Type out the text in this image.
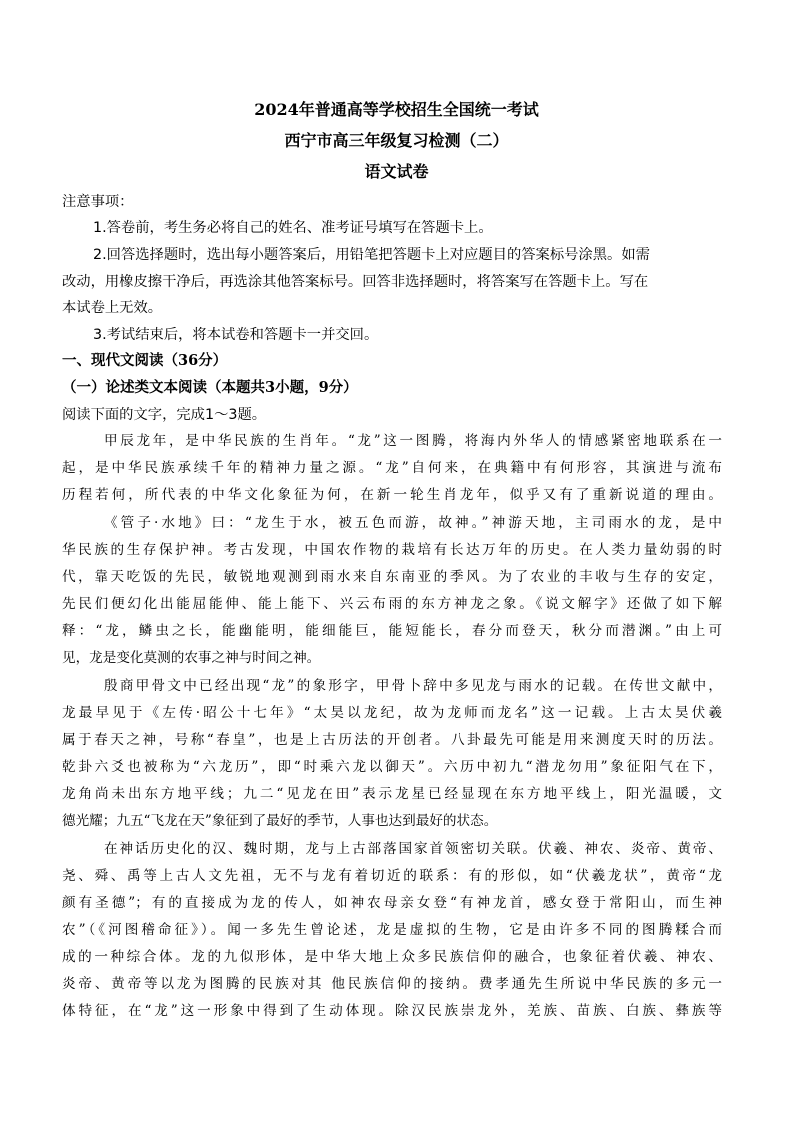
2024年普通高等学校招生全国统一考试
西宁市高三年级复习检测（二）
语文试卷
注意事项：
1.答卷前，考生务必将自己的姓名、准考证号填写在答题卡上。
2.回答选择题时，选出每小题答案后，用铅笔把答题卡上对应题目的答案标号涂黑。如需
改动，用橡皮擦干净后，再选涂其他答案标号。回答非选择题时，将答案写在答题卡上。写在
本试卷上无效。
3.考试结束后，将本试卷和答题卡一并交回。
一、现代文阅读（36分）
（一）论述类文本阅读（本题共3小题，9分）
阅读下面的文字，完成1～3题。
甲辰龙年，是中华民族的生肖年。“龙”这一图腾，将海内外华人的情感紧密地联系在一
起，是中华民族承续千年的精神力量之源。“龙”自何来，在典籍中有何形容，其演进与流布
历程若何，所代表的中华文化象征为何，在新一轮生肖龙年，似乎又有了重新说道的理由。
《管子·水地》曰：“龙生于水，被五色而游，故神。”神游天地，主司雨水的龙，是中
华民族的生存保护神。考古发现，中国农作物的栽培有长达万年的历史。在人类力量幼弱的时
代，靠天吃饭的先民，敏锐地观测到雨水来自东南亚的季风。为了农业的丰收与生存的安定，
先民们便幻化出能屈能伸、能上能下、兴云布雨的东方神龙之象。《说文解字》还做了如下解
释：“龙，鳞虫之长，能幽能明，能细能巨，能短能长，春分而登天，秋分而潜渊。”由上可
见，龙是变化莫测的农事之神与时间之神。
殷商甲骨文中已经出现“龙”的象形字，甲骨卜辞中多见龙与雨水的记载。在传世文献中，
龙最早见于《左传·昭公十七年》“太昊以龙纪，故为龙师而龙名”这一记载。上古太昊伏羲
属于春天之神，号称“春皇”，也是上古历法的开创者。八卦最先可能是用来测度天时的历法。
乾卦六爻也被称为“六龙历”，即“时乘六龙以御天”。六历中初九“潜龙勿用”象征阳气在下，
龙角尚未出东方地平线；九二“见龙在田”表示龙星已经显现在东方地平线上，阳光温暖，文
德光耀；九五“飞龙在天”象征到了最好的季节，人事也达到最好的状态。
在神话历史化的汉、魏时期，龙与上古部落国家首领密切关联。伏羲、神农、炎帝、黄帝、
尧、舜、禹等上古人文先祖，无不与龙有着切近的联系：有的形似，如“伏羲龙状”，黄帝“龙
颜有圣德”；有的直接成为龙的传人，如神农母亲女登“有神龙首，感女登于常阳山，而生神
农”（《河图稽命征》）。闻一多先生曾论述，龙是虚拟的生物，它是由许多不同的图腾糅合而
成的一种综合体。龙的九似形体，是中华大地上众多民族信仰的融合，也象征着伏羲、神农、
炎帝、黄帝等以龙为图腾的民族对其 他民族信仰的接纳。费孝通先生所说中华民族的多元一
体特征，在“龙”这一形象中得到了生动体现。除汉民族崇龙外，羌族、苗族、白族、彝族等
